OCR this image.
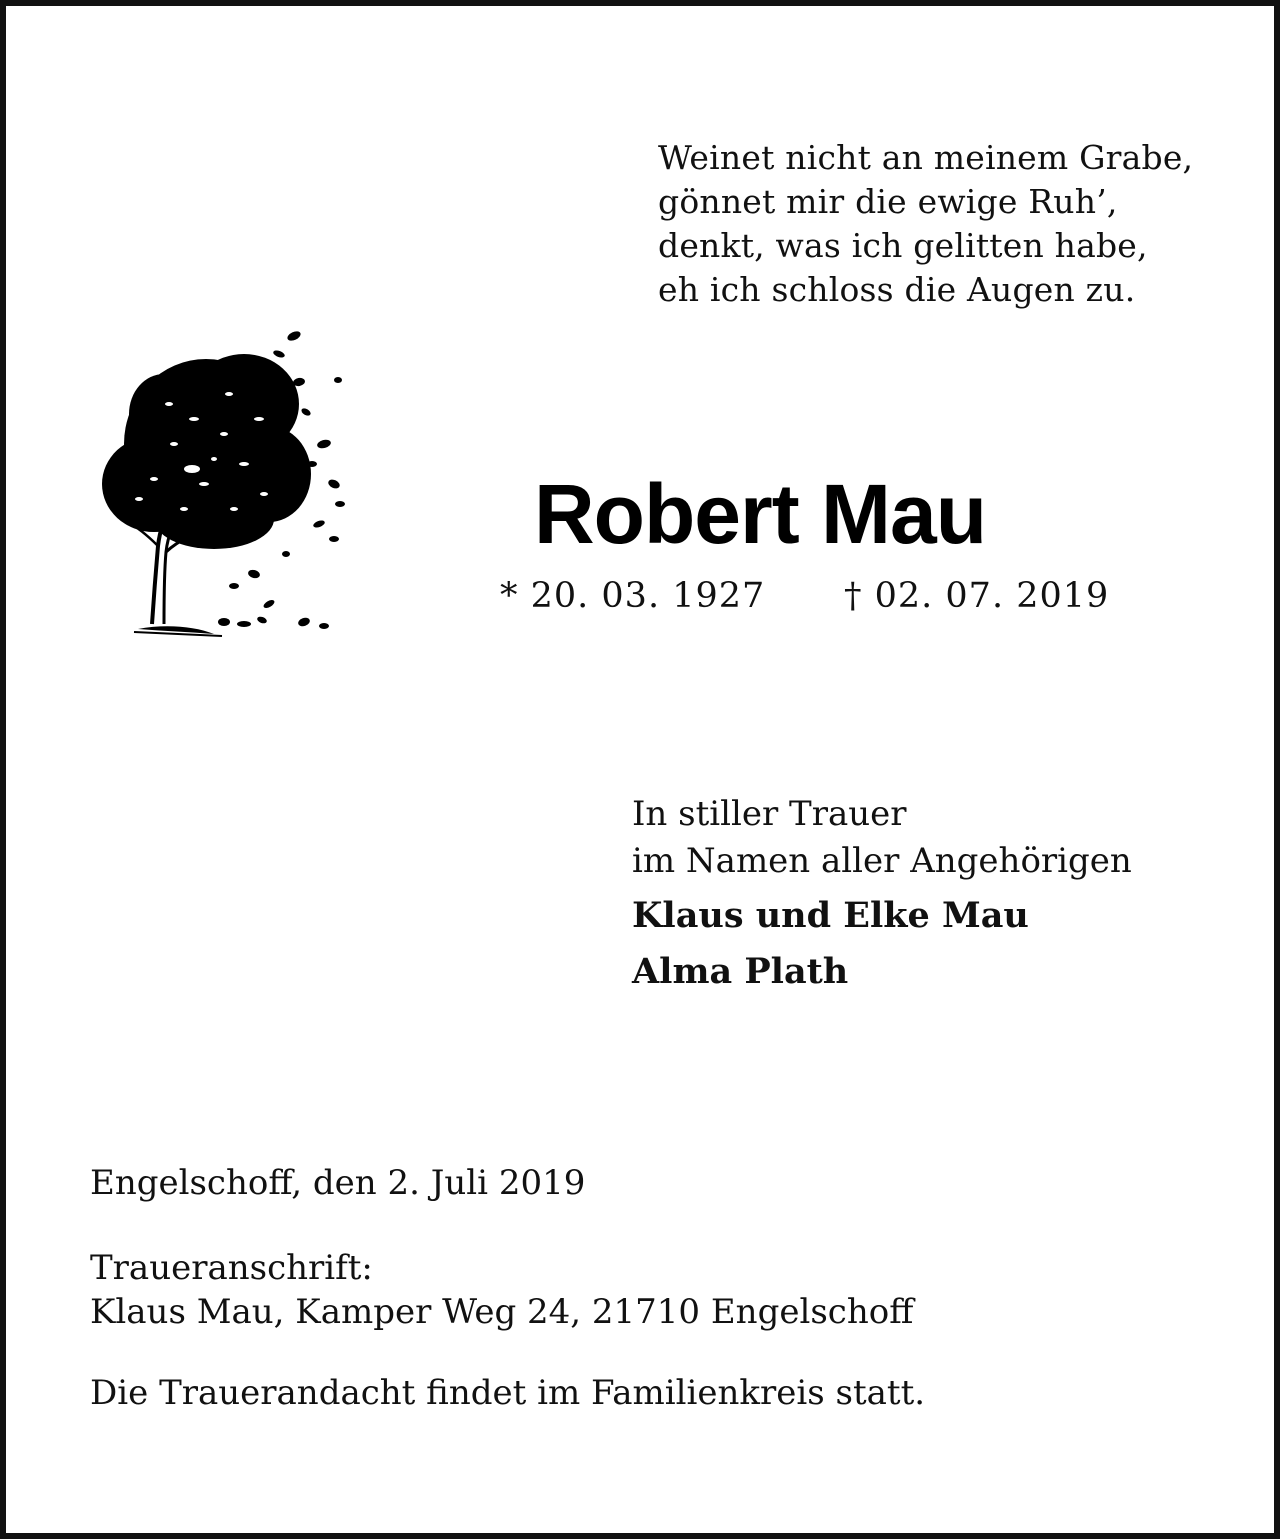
Weinet nicht an meinem Grabe,
gönnet mir die ewige Ruh’,
denkt, was ich gelitten habe,
eh ich schloss die Augen zu.
Robert Mau
* 20. 03. 1927 † 02. 07. 2019
In stiller Trauer
im Namen aller Angehörigen
Klaus und Elke Mau
Alma Plath
Engelschoff, den 2. Juli 2019
Traueranschrift:
Klaus Mau, Kamper Weg 24, 21710 Engelschoff
Die Trauerandacht findet im Familienkreis statt.
